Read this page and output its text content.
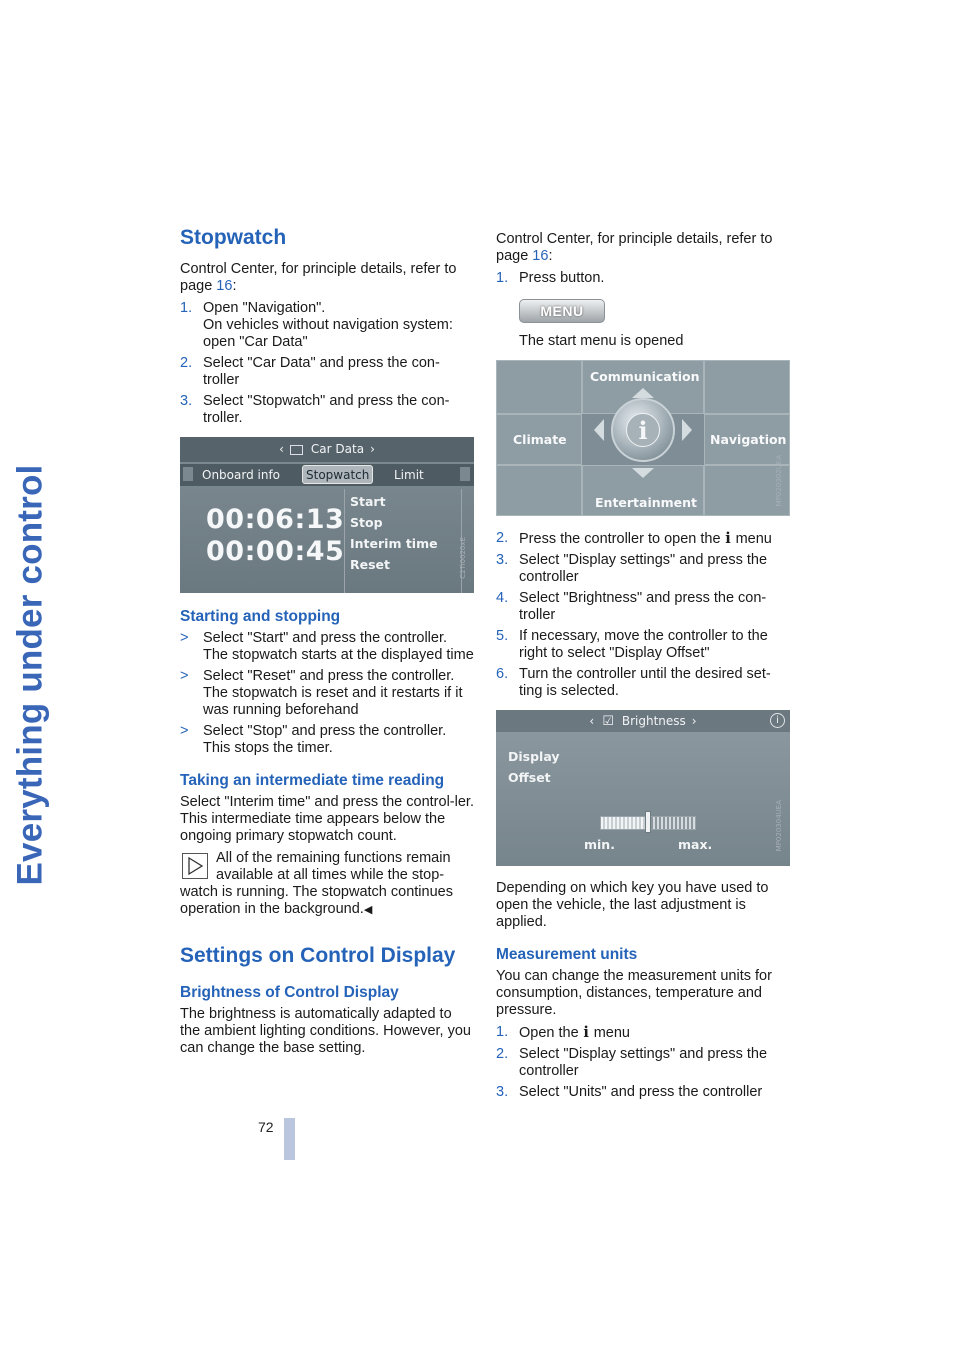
Everything under control
Stopwatch

Control Center, for principle details, refer to page 16:

1. Open "Navigation".
On vehicles without navigation system: open "Car Data"
2. Select "Car Data" and press the con-troller
3. Select "Stopwatch" and press the con-troller.
‹ Car Data ›
Onboard info	Stopwatch	Limit
00:06:13
00:00:45
Start
Stop
Interim time
Reset	C2Ti0020xE
Starting and stopping
> Select "Start" and press the controller. The stopwatch starts at the displayed time
> Select "Reset" and press the controller. The stopwatch is reset and it restarts if it was running beforehand
> Select "Stop" and press the controller. This stops the timer.
Taking an intermediate time reading

Select "Interim time" and press the control-ler. This intermediate time appears below the ongoing primary stopwatch count.

All of the remaining functions remain available at all times while the stop-watch is running. The stopwatch continues operation in the background.◀
Settings on Control Display
Brightness of Control Display

The brightness is automatically adapted to the ambient lighting conditions. However, you can change the base setting.

Control Center, for principle details, refer to page 16:

1. Press button.
MENU

The start menu is opened

Communication
Climate	Navigation
Entertainment
i
MP020302UEA
2. Press the controller to open the i menu
3. Select "Display settings" and press the controller
4. Select "Brightness" and press the con-troller
5. If necessary, move the controller to the right to select "Display Offset"
6. Turn the controller until the desired set-ting is selected.
‹ ☑ Brightness ›	i
Display
Offset
min.	max.	MP020304UEA

Depending on which key you have used to open the vehicle, the last adjustment is applied.

Measurement units

You can change the measurement units for consumption, distances, temperature and pressure.

1. Open the i menu
2. Select "Display settings" and press the controller
3. Select "Units" and press the controller
72
